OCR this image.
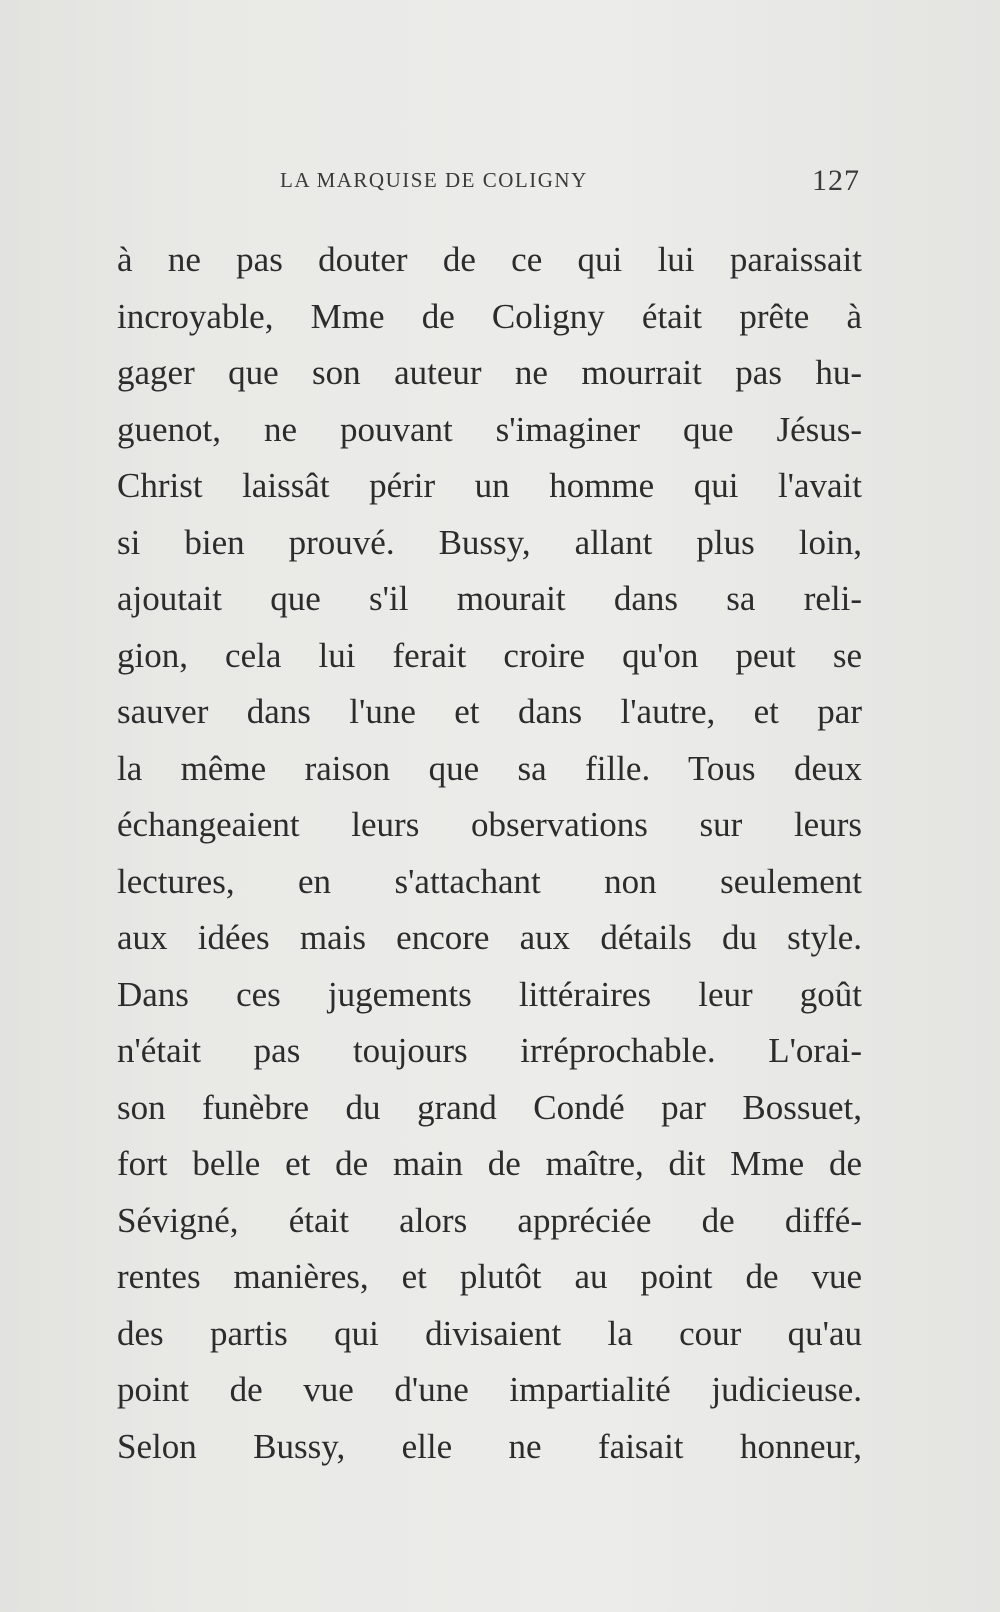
LA MARQUISE DE COLIGNY	127
à ne pas douter de ce qui lui paraissait
incroyable, Mme de Coligny était prête à
gager que son auteur ne mourrait pas hu-
guenot, ne pouvant s'imaginer que Jésus-
Christ laissât périr un homme qui l'avait
si bien prouvé. Bussy, allant plus loin,
ajoutait que s'il mourait dans sa reli-
gion, cela lui ferait croire qu'on peut se
sauver dans l'une et dans l'autre, et par
la même raison que sa fille. Tous deux
échangeaient leurs observations sur leurs
lectures, en s'attachant non seulement
aux idées mais encore aux détails du style.
Dans ces jugements littéraires leur goût
n'était pas toujours irréprochable. L'orai-
son funèbre du grand Condé par Bossuet,
fort belle et de main de maître, dit Mme de
Sévigné, était alors appréciée de diffé-
rentes manières, et plutôt au point de vue
des partis qui divisaient la cour qu'au
point de vue d'une impartialité judicieuse.
Selon Bussy, elle ne faisait honneur,
